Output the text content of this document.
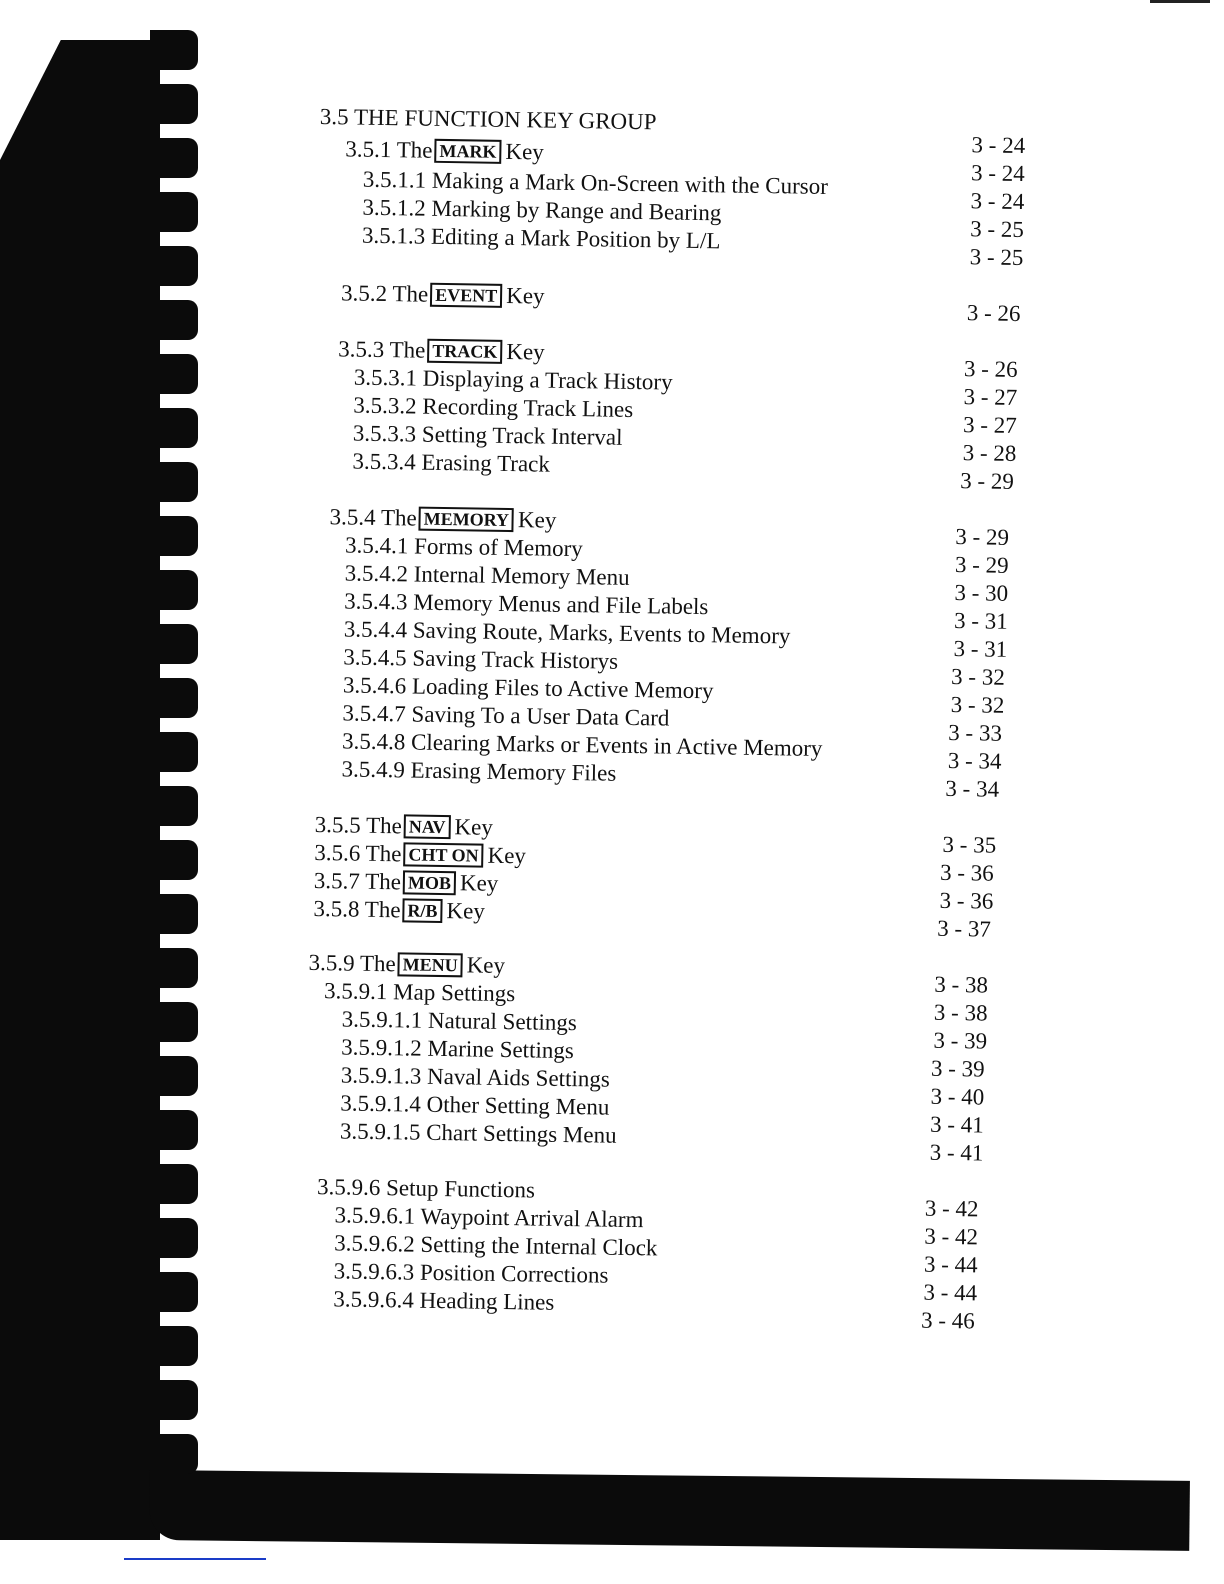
3.5 THE FUNCTION KEY GROUP
3.5.1 The MARK Key
3.5.1.1 Making a Mark On-Screen with the Cursor
3.5.1.2 Marking by Range and Bearing
3.5.1.3 Editing a Mark Position by L/L
3.5.2 The EVENT Key
3.5.3 The TRACK Key
3.5.3.1 Displaying a Track History
3.5.3.2 Recording Track Lines
3.5.3.3 Setting Track Interval
3.5.3.4 Erasing Track
3.5.4 The MEMORY Key
3.5.4.1 Forms of Memory
3.5.4.2 Internal Memory Menu
3.5.4.3 Memory Menus and File Labels
3.5.4.4 Saving Route, Marks, Events to Memory
3.5.4.5 Saving Track Historys
3.5.4.6 Loading Files to Active Memory
3.5.4.7 Saving To a User Data Card
3.5.4.8 Clearing Marks or Events in Active Memory
3.5.4.9 Erasing Memory Files
3.5.5 The NAV Key
3.5.6 The CHT ON Key
3.5.7 The MOB Key
3.5.8 The R/B Key
3.5.9 The MENU Key
3.5.9.1 Map Settings
3.5.9.1.1 Natural Settings
3.5.9.1.2 Marine Settings
3.5.9.1.3 Naval Aids Settings
3.5.9.1.4 Other Setting Menu
3.5.9.1.5 Chart Settings Menu
3.5.9.6 Setup Functions
3.5.9.6.1 Waypoint Arrival Alarm
3.5.9.6.2 Setting the Internal Clock
3.5.9.6.3 Position Corrections
3.5.9.6.4 Heading Lines
3 - 24
3 - 24
3 - 24
3 - 25
3 - 25
3 - 26
3 - 26
3 - 27
3 - 27
3 - 28
3 - 29
3 - 29
3 - 29
3 - 30
3 - 31
3 - 31
3 - 32
3 - 32
3 - 33
3 - 34
3 - 34
3 - 35
3 - 36
3 - 36
3 - 37
3 - 38
3 - 38
3 - 39
3 - 39
3 - 40
3 - 41
3 - 41
3 - 42
3 - 42
3 - 44
3 - 44
3 - 46
